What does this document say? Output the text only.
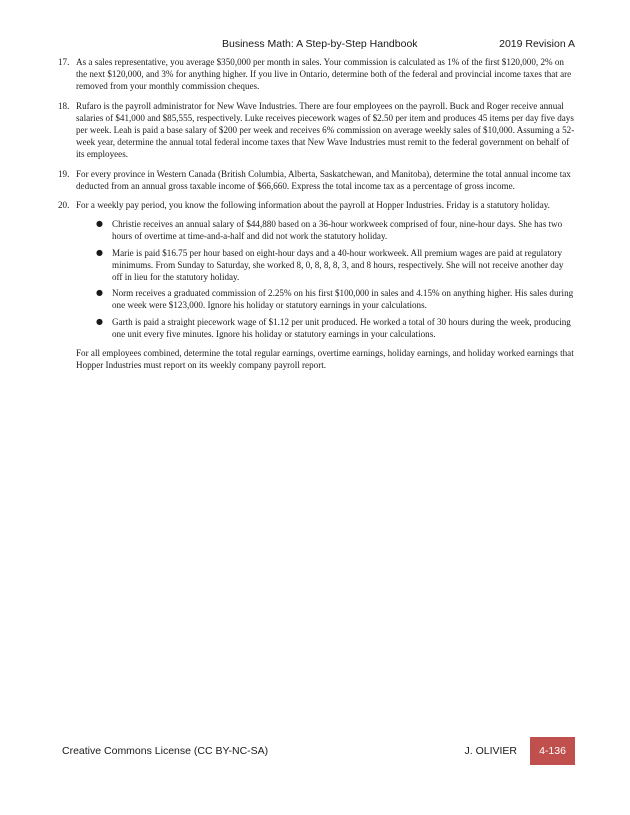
Business Math: A Step-by-Step Handbook	2019 Revision A
17. As a sales representative, you average $350,000 per month in sales. Your commission is calculated as 1% of the first $120,000, 2% on the next $120,000, and 3% for anything higher. If you live in Ontario, determine both of the federal and provincial income taxes that are removed from your monthly commission cheques.

18. Rufaro is the payroll administrator for New Wave Industries. There are four employees on the payroll. Buck and Roger receive annual salaries of $41,000 and $85,555, respectively. Luke receives piecework wages of $2.50 per item and produces 45 items per day five days per week. Leah is paid a base salary of $200 per week and receives 6% commission on average weekly sales of $10,000. Assuming a 52-week year, determine the annual total federal income taxes that New Wave Industries must remit to the federal government on behalf of its employees.

19. For every province in Western Canada (British Columbia, Alberta, Saskatchewan, and Manitoba), determine the total annual income tax deducted from an annual gross taxable income of $66,660. Express the total income tax as a percentage of gross income.

20. For a weekly pay period, you know the following information about the payroll at Hopper Industries. Friday is a statutory holiday.

● Christie receives an annual salary of $44,880 based on a 36-hour workweek comprised of four, nine-hour days. She has two hours of overtime at time-and-a-half and did not work the statutory holiday.
● Marie is paid $16.75 per hour based on eight-hour days and a 40-hour workweek. All premium wages are paid at regulatory minimums. From Sunday to Saturday, she worked 8, 0, 8, 8, 8, 3, and 8 hours, respectively. She will not receive another day off in lieu for the statutory holiday.
● Norm receives a graduated commission of 2.25% on his first $100,000 in sales and 4.15% on anything higher. His sales during one week were $123,000. Ignore his holiday or statutory earnings in your calculations.
● Garth is paid a straight piecework wage of $1.12 per unit produced. He worked a total of 30 hours during the week, producing one unit every five minutes. Ignore his holiday or statutory earnings in your calculations.

For all employees combined, determine the total regular earnings, overtime earnings, holiday earnings, and holiday worked earnings that Hopper Industries must report on its weekly company payroll report.

Creative Commons License (CC BY-NC-SA)	J. OLIVIER	4-136
